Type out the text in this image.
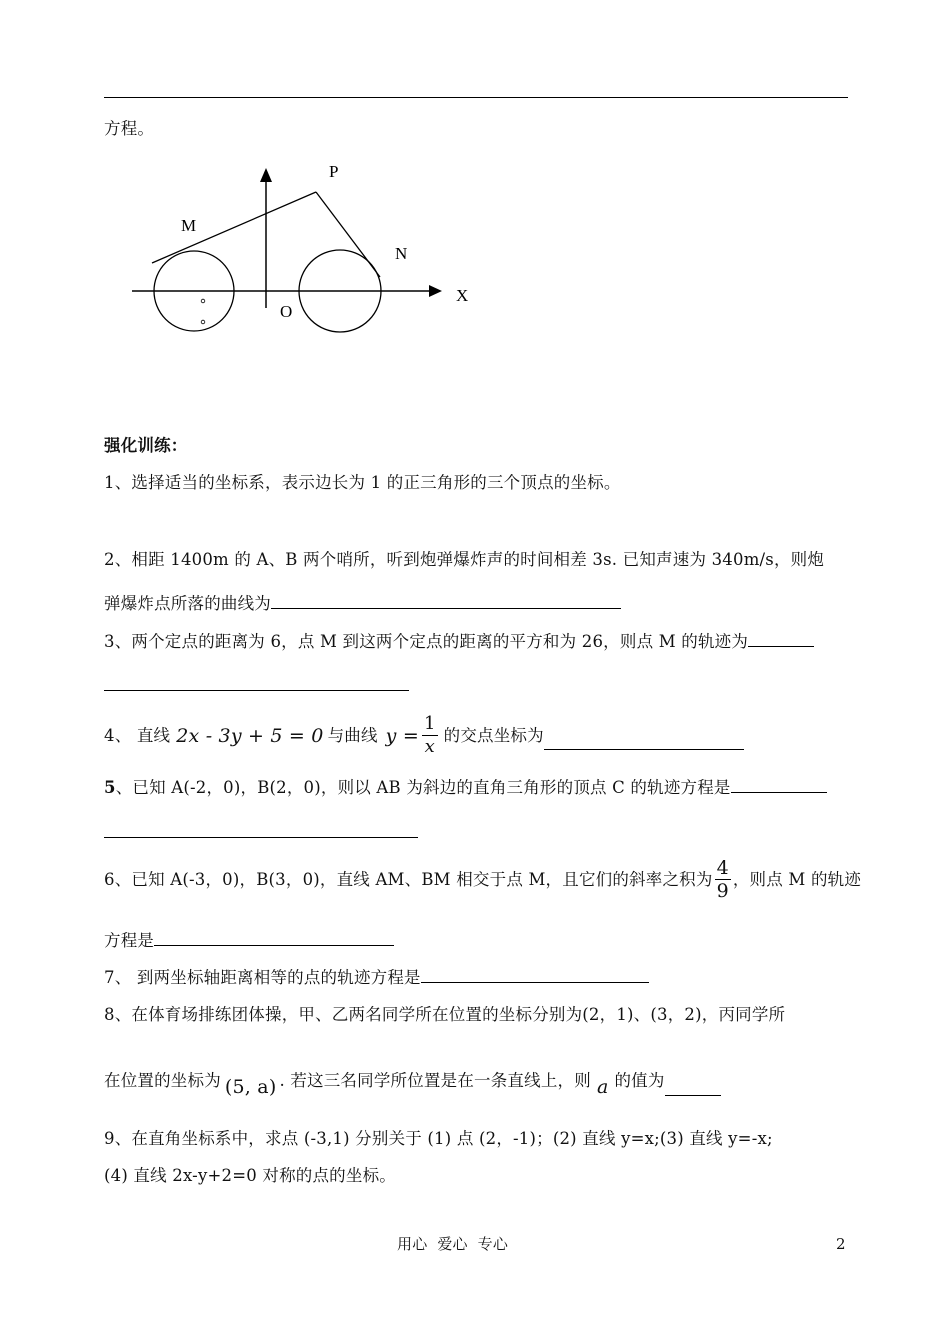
方程。
P
M
N
O
X
强化训练：
1、选择适当的坐标系，表示边长为 1 的正三角形的三个顶点的坐标。
2、相距 1400m 的 A、B 两个哨所，听到炮弹爆炸声的时间相差 3s. 已知声速为 340m/s，则炮
弹爆炸点所落的曲线为
3、两个定点的距离为 6，点 M 到这两个定点的距离的平方和为 26，则点 M 的轨迹为
4、 直线 2x - 3y + 5 = 0 与曲线 $y = \frac{1}{x}$ 的交点坐标为
5、已知 A(-2，0)，B(2，0)，则以 AB 为斜边的直角三角形的顶点 C 的轨迹方程是
6、已知 A(-3，0)，B(3，0)，直线 AM、BM 相交于点 M，且它们的斜率之积为 $\frac{4}{9}$ ，则点 M 的轨迹
方程是
7、 到两坐标轴距离相等的点的轨迹方程是
8、在体育场排练团体操，甲、乙两名同学所在位置的坐标分别为(2，1)、(3，2)，丙同学所
在位置的坐标为 (5, a) . 若这三名同学所位置是在一条直线上，则 a 的值为
9、在直角坐标系中，求点 (-3,1) 分别关于 (1) 点 (2，-1)；(2) 直线 y=x;(3) 直线 y=-x;
(4) 直线 2x-y+2=0 对称的点的坐标。
用心  爱心  专心	2
